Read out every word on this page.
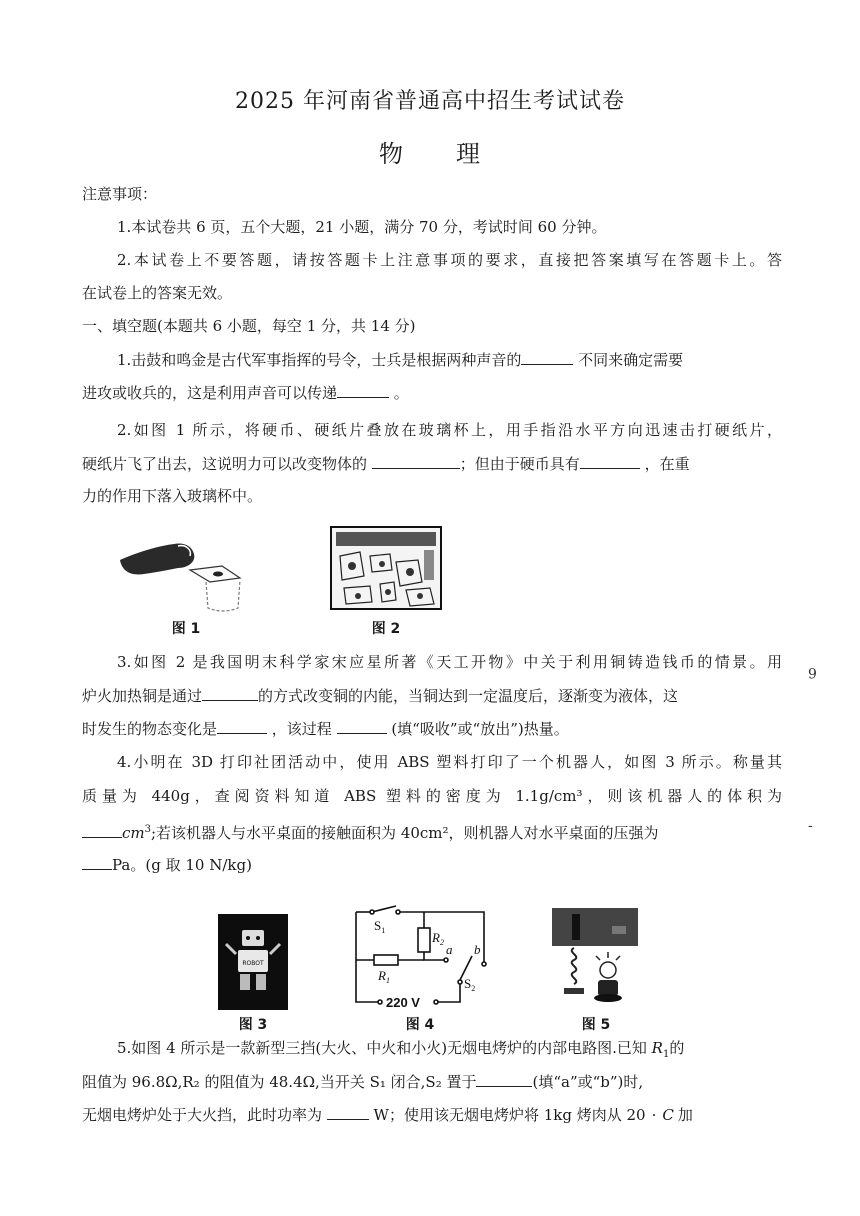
2025 年河南省普通高中招生考试试卷
物 理
注意事项：
1.本试卷共 6 页，五个大题，21 小题，满分 70 分，考试时间 60 分钟。
2.本试卷上不要答题，请按答题卡上注意事项的要求，直接把答案填写在答题卡上。答
在试卷上的答案无效。
一、填空题(本题共 6 小题，每空 1 分，共 14 分)
1.击鼓和鸣金是古代军事指挥的号令，士兵是根据两种声音的	不同来确定需要
进攻或收兵的，这是利用声音可以传递	。
2.如图 1 所示，将硬币、硬纸片叠放在玻璃杯上，用手指沿水平方向迅速击打硬纸片，
硬纸片飞了出去，这说明力可以改变物体的	；但由于硬币具有	，在重
力的作用下落入玻璃杯中。
图 1	图 2
3.如图 2 是我国明末科学家宋应星所著《天工开物》中关于利用铜铸造钱币的情景。用
炉火加热铜是通过	的方式改变铜的内能，当铜达到一定温度后，逐渐变为液体，这
时发生的物态变化是	，该过程	(填“吸收”或“放出”)热量。
4.小明在 3D 打印社团活动中，使用 ABS 塑料打印了一个机器人，如图 3 所示。称量其
质量为 440g，查阅资料知道 ABS 塑料的密度为 1.1g/cm³，则该机器人的体积为
$cm^3$;若该机器人与水平桌面的接触面积为 40cm²，则机器人对水平桌面的压强为
Pa。(g 取 10 N/kg)
ROBOT
图 3
$S_1$	$R_2$
$R_1$
a b
$S_2$
220 V
图 4	图 5
5.如图 4 所示是一款新型三挡(大火、中火和小火)无烟电烤炉的内部电路图.已知 $R_1$的
阻值为 96.8Ω,R₂ 的阻值为 48.4Ω,当开关 S₁ 闭合,S₂ 置于	(填“a”或“b”)时,
无烟电烤炉处于大火挡，此时功率为	W；使用该无烟电烤炉将 1kg 烤肉从 20 · C 加
6
-
